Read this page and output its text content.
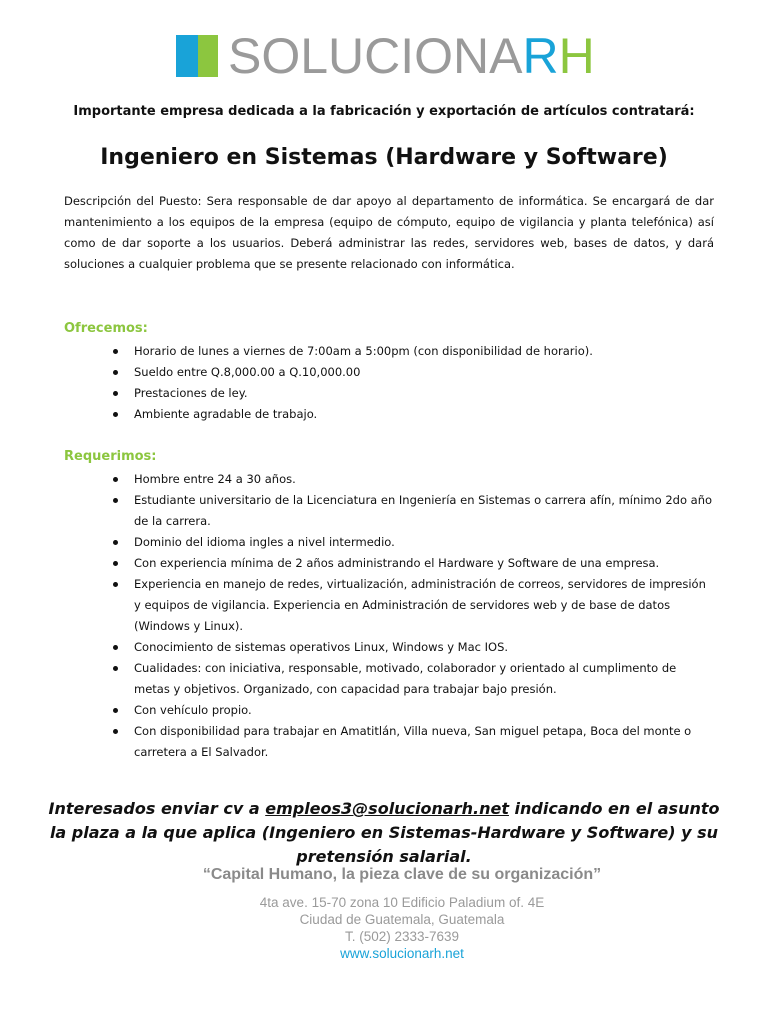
SOLUCIONARH
Importante empresa dedicada a la fabricación y exportación de artículos contratará:
Ingeniero en Sistemas (Hardware y Software)
Descripción del Puesto: Sera responsable de dar apoyo al departamento de informática. Se encargará de dar mantenimiento a los equipos de la empresa (equipo de cómputo, equipo de vigilancia y planta telefónica) así como de dar soporte a los usuarios. Deberá administrar las redes, servidores web, bases de datos, y dará soluciones a cualquier problema que se presente relacionado con informática.
Ofrecemos:
Horario de lunes a viernes de 7:00am a 5:00pm (con disponibilidad de horario).
Sueldo entre Q.8,000.00 a Q.10,000.00
Prestaciones de ley.
Ambiente agradable de trabajo.
Requerimos:
Hombre entre 24 a 30 años.
Estudiante universitario de la Licenciatura en Ingeniería en Sistemas o carrera afín, mínimo 2do año de la carrera.
Dominio del idioma ingles a nivel intermedio.
Con experiencia mínima de 2 años administrando el Hardware y Software de una empresa.
Experiencia en manejo de redes, virtualización, administración de correos, servidores de impresión y equipos de vigilancia. Experiencia en Administración de servidores web y de base de datos (Windows y Linux).
Conocimiento de sistemas operativos Linux, Windows y Mac IOS.
Cualidades: con iniciativa, responsable, motivado, colaborador y orientado al cumplimento de metas y objetivos. Organizado, con capacidad para trabajar bajo presión.
Con vehículo propio.
Con disponibilidad para trabajar en Amatitlán, Villa nueva, San miguel petapa, Boca del monte o carretera a El Salvador.
Interesados enviar cv a empleos3@solucionarh.net indicando en el asunto la plaza a la que aplica (Ingeniero en Sistemas-Hardware y Software) y su pretensión salarial.
“Capital Humano, la pieza clave de su organización”
4ta ave. 15-70 zona 10 Edificio Paladium of. 4E
Ciudad de Guatemala, Guatemala
T. (502) 2333-7639
www.solucionarh.net
